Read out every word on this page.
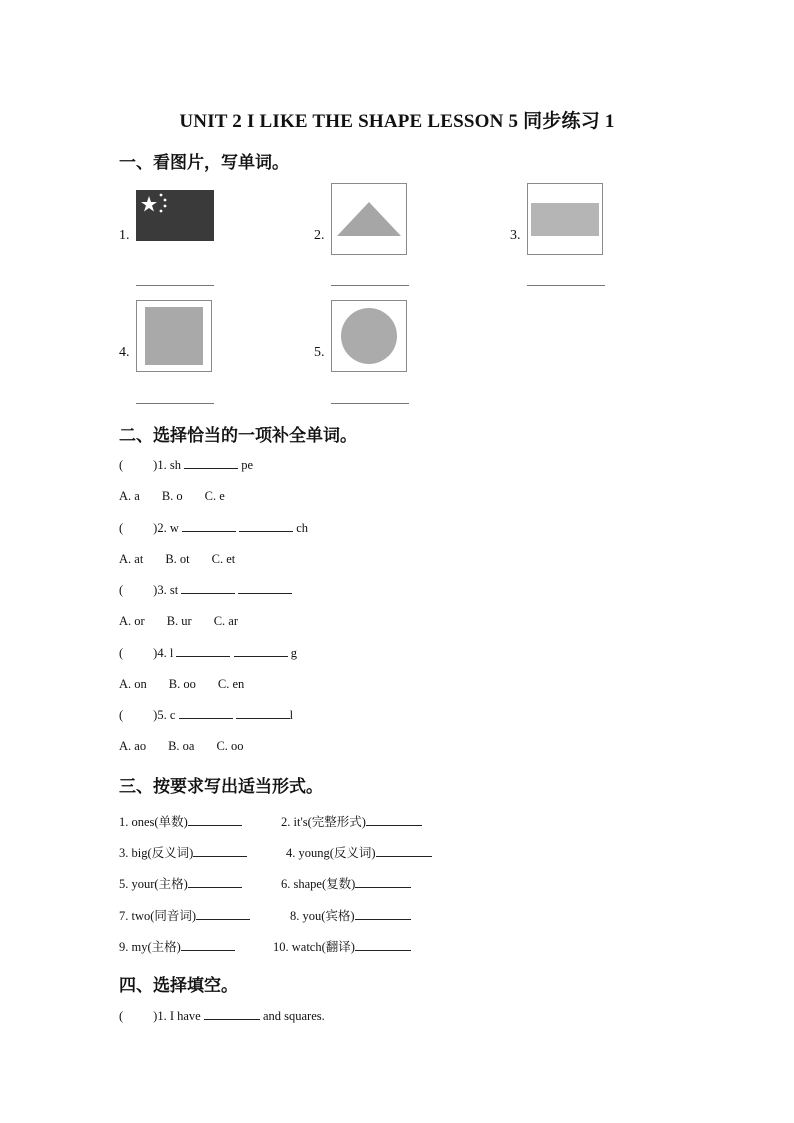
UNIT 2 I LIKE THE SHAPE LESSON 5 同步练习 1
一、看图片，写单词。
1.	2.	3.
4.	5.
二、选择恰当的一项补全单词。
( )1. sh	pe
A. a B. o C. e
( )2. w	ch
A. at B. ot C. et
( )3. st
A. or B. ur C. ar
( )4. l	g
A. on B. oo C. en
( )5. c	l
A. ao B. oa C. oo
三、按要求写出适当形式。
1. ones(单数)	2. it's(完整形式)
3. big(反义词)	4. young(反义词)
5. your(主格)	6. shape(复数)
7. two(同音词)	8. you(宾格)
9. my(主格)	10. watch(翻译)
四、选择填空。
( )1. I have	and squares.
